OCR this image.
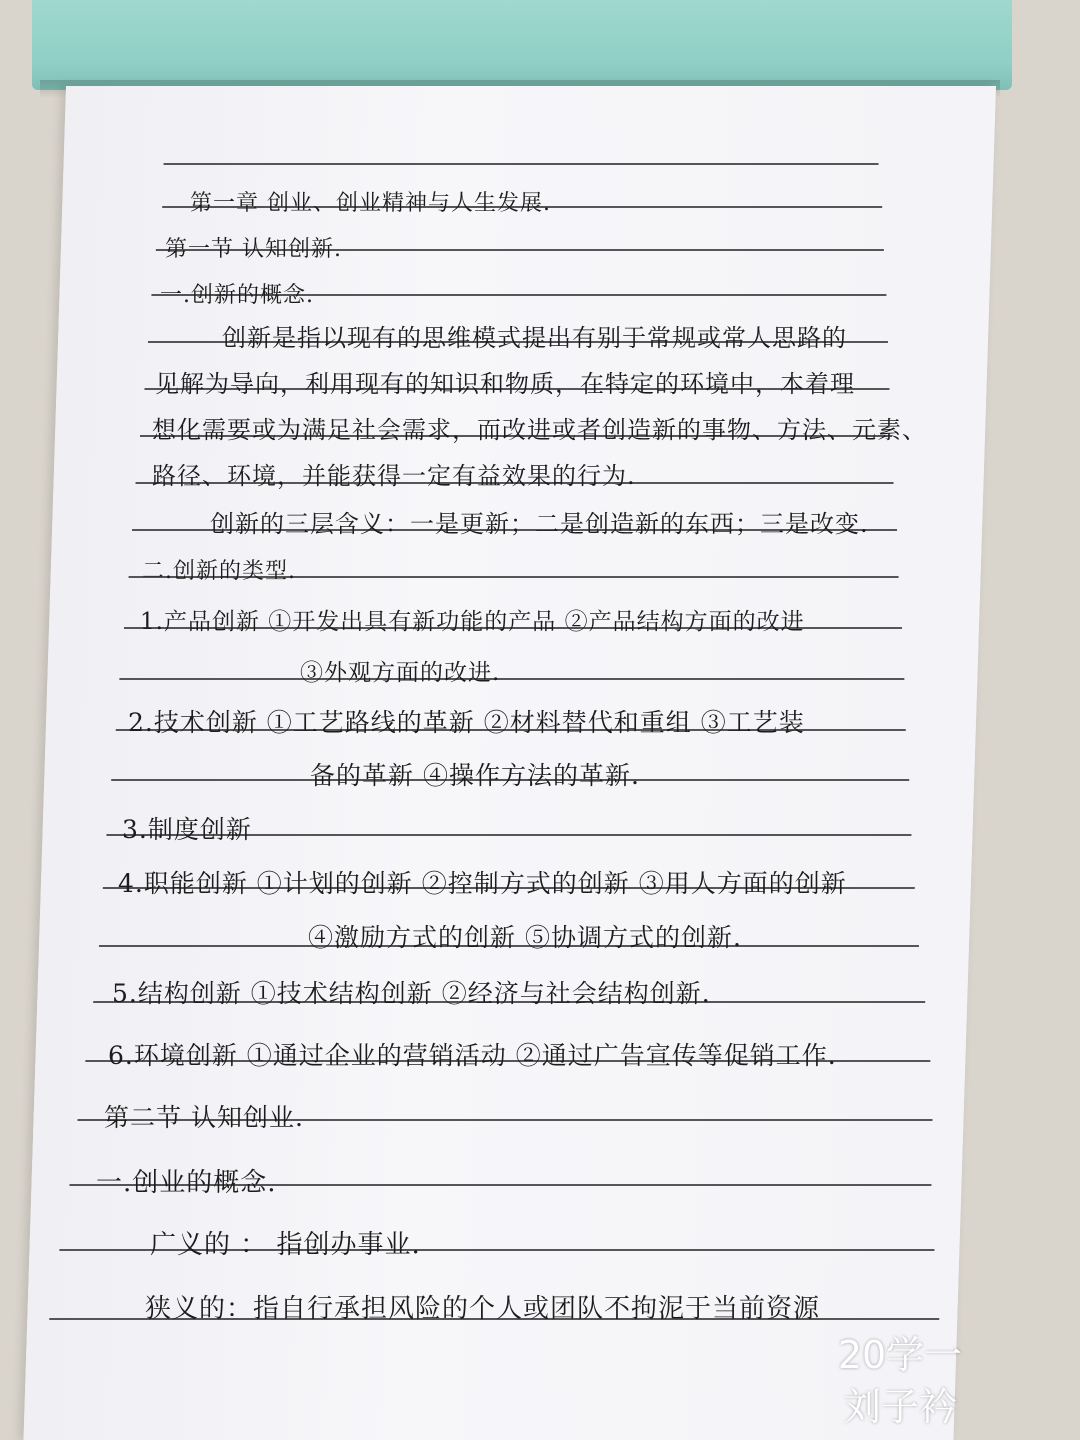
第一章 创业、创业精神与人生发展.
第一节 认知创新.
一.创新的概念.
创新是指以现有的思维模式提出有别于常规或常人思路的
见解为导向，利用现有的知识和物质，在特定的环境中，本着理
想化需要或为满足社会需求，而改进或者创造新的事物、方法、元素、
路径、环境，并能获得一定有益效果的行为.
创新的三层含义：一是更新；二是创造新的东西；三是改变.
二.创新的类型.
1.产品创新 ①开发出具有新功能的产品 ②产品结构方面的改进
③外观方面的改进.
2.技术创新 ①工艺路线的革新 ②材料替代和重组 ③工艺装
备的革新 ④操作方法的革新.
3.制度创新
4.职能创新 ①计划的创新 ②控制方式的创新 ③用人方面的创新
④激励方式的创新 ⑤协调方式的创新.
5.结构创新 ①技术结构创新 ②经济与社会结构创新.
6.环境创新 ①通过企业的营销活动 ②通过广告宣传等促销工作.
第二节 认知创业.
一.创业的概念.
广义的 ： 指创办事业.
狭义的：指自行承担风险的个人或团队不拘泥于当前资源
20学一
刘子衿
